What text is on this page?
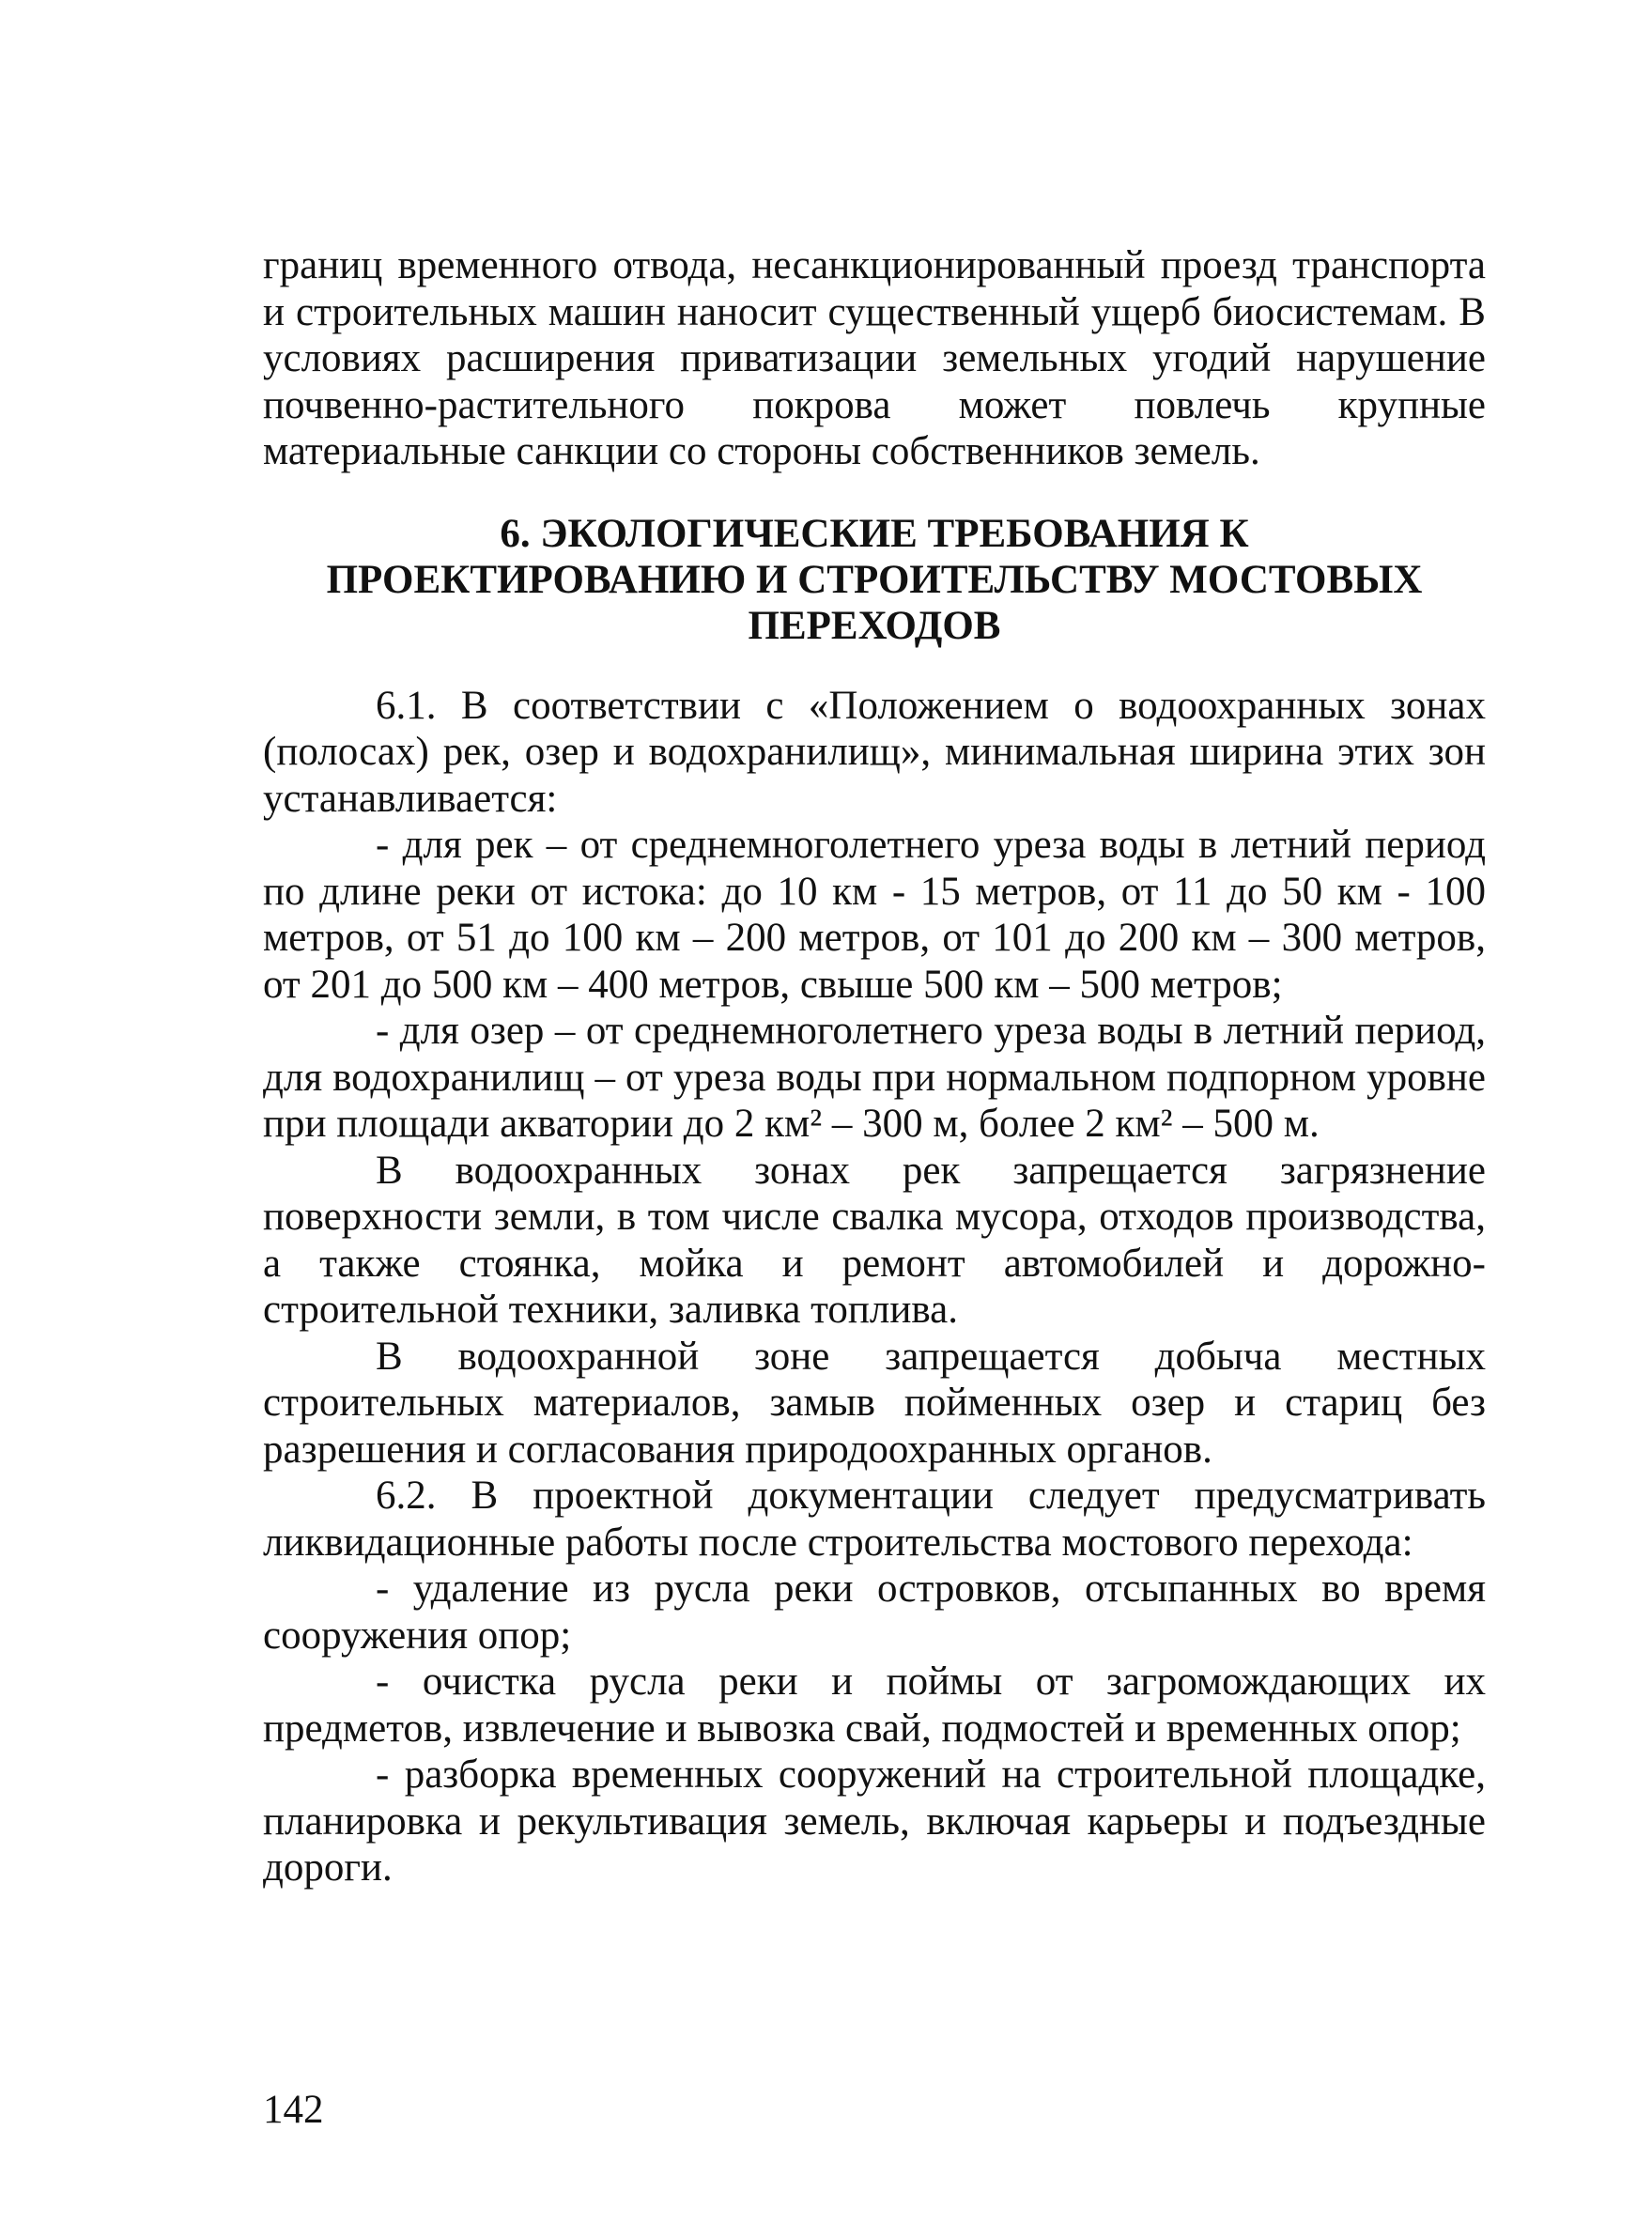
границ временного отвода, несанкционированный проезд транспорта и строительных машин наносит существенный ущерб биосистемам. В условиях расширения приватизации земельных угодий нарушение почвенно-растительного покрова может повлечь крупные материальные санкции со стороны собственников земель.

6. ЭКОЛОГИЧЕСКИЕ ТРЕБОВАНИЯ К
ПРОЕКТИРОВАНИЮ И СТРОИТЕЛЬСТВУ МОСТОВЫХ
ПЕРЕХОДОВ

6.1. В соответствии с «Положением о водоохранных зонах (полосах) рек, озер и водохранилищ», минимальная ширина этих зон устанавливается:

- для рек – от среднемноголетнего уреза воды в летний период по длине реки от истока: до 10 км - 15 метров, от 11 до 50 км - 100 метров, от 51 до 100 км – 200 метров, от 101 до 200 км – 300 метров, от 201 до 500 км – 400 метров, свыше 500 км – 500 метров;

- для озер – от среднемноголетнего уреза воды в летний период, для водохранилищ – от уреза воды при нормальном подпорном уровне при площади акватории до 2 км² – 300 м, более 2 км² – 500 м.

В водоохранных зонах рек запрещается загрязнение поверхности земли, в том числе свалка мусора, отходов производства, а также стоянка, мойка и ремонт автомобилей и дорожно-строительной техники, заливка топлива.

В водоохранной зоне запрещается добыча местных строительных материалов, замыв пойменных озер и стариц без разрешения и согласования природоохранных органов.

6.2. В проектной документации следует предусматривать ликвидационные работы после строительства мостового перехода:

- удаление из русла реки островков, отсыпанных во время сооружения опор;

- очистка русла реки и поймы от загромождающих их предметов, извлечение и вывозка свай, подмостей и временных опор;

- разборка временных сооружений на строительной площадке, планировка и рекультивация земель, включая карьеры и подъездные дороги.

142
